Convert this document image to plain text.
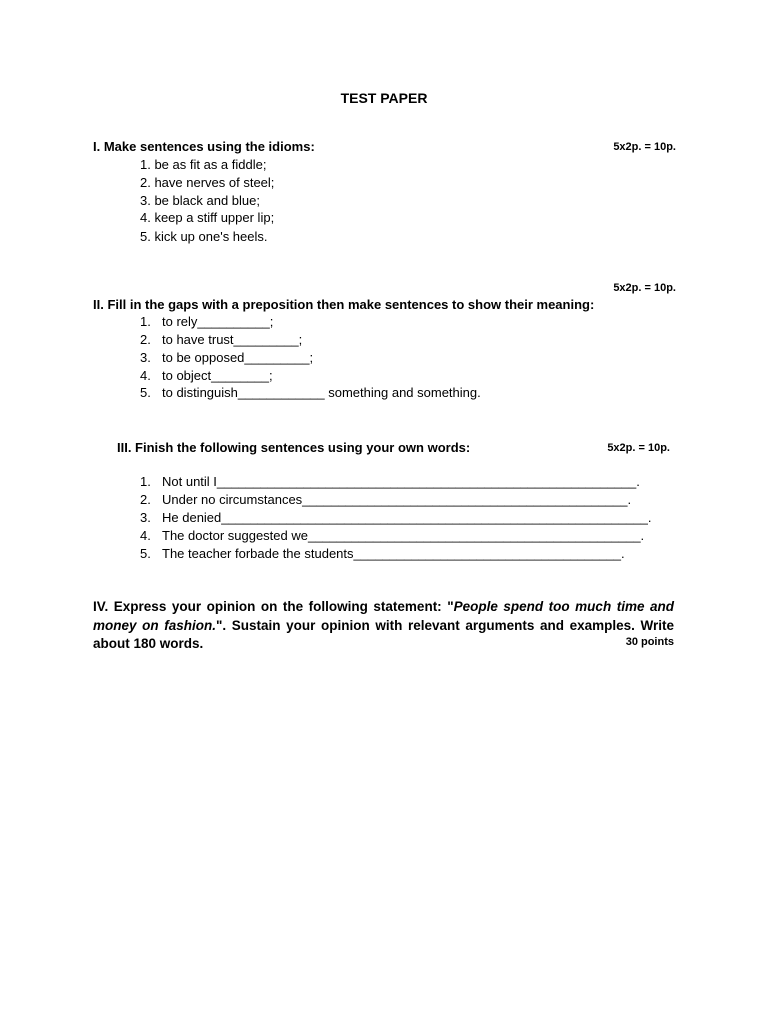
TEST PAPER
I. Make sentences using the idioms:	5x2p. = 10p.
1. be as fit as a fiddle;
2. have nerves of steel;
3. be black and blue;
4. keep a stiff upper lip;
5. kick up one's heels.
5x2p. = 10p.
II. Fill in the gaps with a preposition then make sentences to show their meaning:
1. to rely__________;
2. to have trust_________;
3. to be opposed_________;
4. to object________;
5. to distinguish____________ something and something.
III. Finish the following sentences using your own words:	5x2p. = 10p.
1. Not until I__________________________________________________________.
2. Under no circumstances_____________________________________________.
3. He denied___________________________________________________________.
4. The doctor suggested we______________________________________________.
5. The teacher forbade the students_____________________________________.
IV. Express your opinion on the following statement: "People spend too much time and money on fashion.". Sustain your opinion with relevant arguments and examples. Write about 180 words.	30 points
